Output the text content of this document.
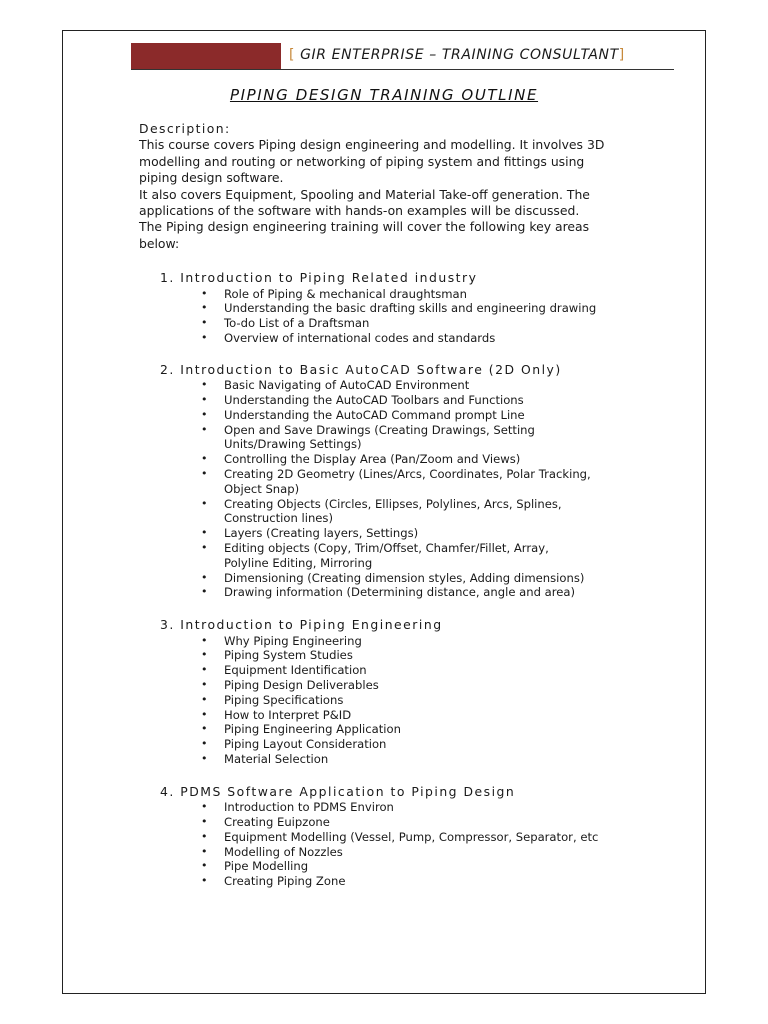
[ GIR ENTERPRISE – TRAINING CONSULTANT]
PIPING DESIGN TRAINING OUTLINE

Description:

This course covers Piping design engineering and modelling. It involves 3D

modelling and routing or networking of piping system and fittings using

piping design software.

It also covers Equipment, Spooling and Material Take-off generation. The

applications of the software with hands-on examples will be discussed.

The Piping design engineering training will cover the following key areas

below:

1. Introduction to Piping Related industry

• Role of Piping & mechanical draughtsman
• Understanding the basic drafting skills and engineering drawing
• To-do List of a Draftsman
• Overview of international codes and standards

2. Introduction to Basic AutoCAD Software (2D Only)

• Basic Navigating of AutoCAD Environment
• Understanding the AutoCAD Toolbars and Functions
• Understanding the AutoCAD Command prompt Line
• Open and Save Drawings (Creating Drawings, Setting Units/Drawing Settings)
• Controlling the Display Area (Pan/Zoom and Views)
• Creating 2D Geometry (Lines/Arcs, Coordinates, Polar Tracking, Object Snap)
• Creating Objects (Circles, Ellipses, Polylines, Arcs, Splines, Construction lines)
• Layers (Creating layers, Settings)
• Editing objects (Copy, Trim/Offset, Chamfer/Fillet, Array, Polyline Editing, Mirroring
• Dimensioning (Creating dimension styles, Adding dimensions)
• Drawing information (Determining distance, angle and area)

3. Introduction to Piping Engineering

• Why Piping Engineering
• Piping System Studies
• Equipment Identification
• Piping Design Deliverables
• Piping Specifications
• How to Interpret P&ID
• Piping Engineering Application
• Piping Layout Consideration
• Material Selection

4. PDMS Software Application to Piping Design

• Introduction to PDMS Environ
• Creating Euipzone
• Equipment Modelling (Vessel, Pump, Compressor, Separator, etc
• Modelling of Nozzles
• Pipe Modelling
• Creating Piping Zone
